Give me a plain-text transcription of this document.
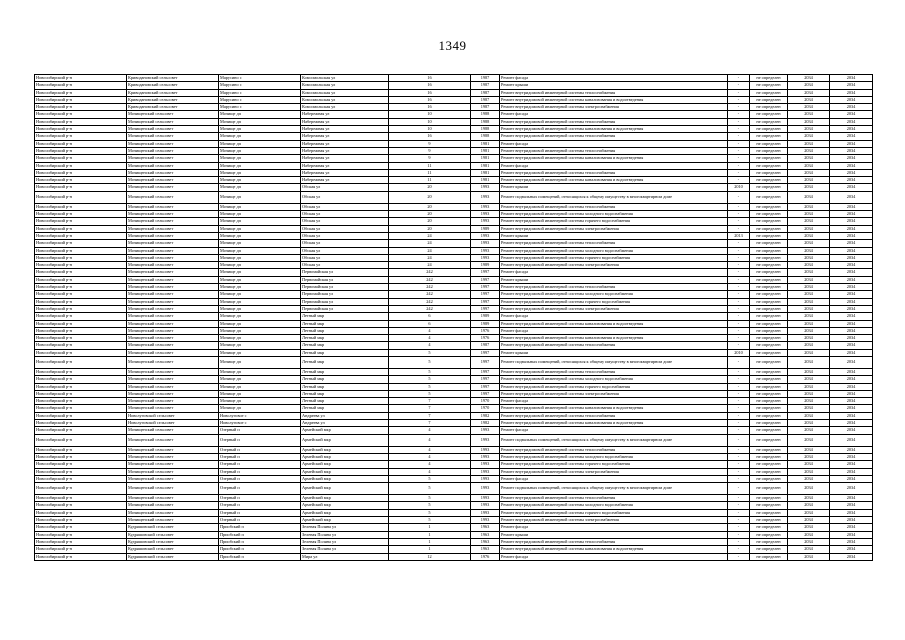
1349
Новосибирский р-н	Криводановский сельсовет	Марусино с	Комсомольская ул	16	1987	Ремонт фасада	-	не определен	2034	2034
Новосибирский р-н	Криводановский сельсовет	Марусино с	Комсомольская ул	16	1987	Ремонт крыши	-	не определен	2034	2034
Новосибирский р-н	Криводановский сельсовет	Марусино с	Комсомольская ул	16	1987	Ремонт внутридомовой инженерной системы теплоснабжения	-	не определен	2034	2034
Новосибирский р-н	Криводановский сельсовет	Марусино с	Комсомольская ул	16	1987	Ремонт внутридомовой инженерной системы канализования и водоотведения	-	не определен	2034	2034
Новосибирский р-н	Криводановский сельсовет	Марусино с	Комсомольская ул	16	1987	Ремонт внутридомовой инженерной системы электроснабжения	-	не определен	2034	2034
Новосибирский р-н	Мочищенский сельсовет	Мочище дп	Набережная ул	10	1988	Ремонт фасада	-	не определен	2034	2034
Новосибирский р-н	Мочищенский сельсовет	Мочище дп	Набережная ул	10	1988	Ремонт внутридомовой инженерной системы теплоснабжения	-	не определен	2034	2034
Новосибирский р-н	Мочищенский сельсовет	Мочище дп	Набережная ул	10	1988	Ремонт внутридомовой инженерной системы канализования и водоотведения	-	не определен	2034	2034
Новосибирский р-н	Мочищенский сельсовет	Мочище дп	Набережная ул	16	1988	Ремонт внутридомовой инженерной системы теплоснабжения	-	не определен	2034	2034
Новосибирский р-н	Мочищенский сельсовет	Мочище дп	Набережная ул	9	1981	Ремонт фасада	-	не определен	2034	2034
Новосибирский р-н	Мочищенский сельсовет	Мочище дп	Набережная ул	9	1981	Ремонт внутридомовой инженерной системы теплоснабжения	-	не определен	2034	2034
Новосибирский р-н	Мочищенский сельсовет	Мочище дп	Набережная ул	9	1981	Ремонт внутридомовой инженерной системы канализования и водоотведения	-	не определен	2034	2034
Новосибирский р-н	Мочищенский сельсовет	Мочище дп	Набережная ул	11	1981	Ремонт фасада	-	не определен	2034	2034
Новосибирский р-н	Мочищенский сельсовет	Мочище дп	Набережная ул	11	1981	Ремонт внутридомовой инженерной системы теплоснабжения	-	не определен	2034	2034
Новосибирский р-н	Мочищенский сельсовет	Мочище дп	Набережная ул	11	1981	Ремонт внутридомовой инженерной системы канализования и водоотведения	-	не определен	2034	2034
Новосибирский р-н	Мочищенский сельсовет	Мочище дп	Обская ул	20	1993	Ремонт крыши	2010	не определен	2034	2034
Новосибирский р-н	Мочищенский сельсовет	Мочище дп	Обская ул	20	1993	Ремонт подвальных помещений, относящихся к общему имуществу в многоквартирном доме	-	не определен	2034	2034
Новосибирский р-н	Мочищенский сельсовет	Мочище дп	Обская ул	20	1993	Ремонт внутридомовой инженерной системы теплоснабжения	-	не определен	2034	2034
Новосибирский р-н	Мочищенский сельсовет	Мочище дп	Обская ул	20	1993	Ремонт внутридомовой инженерной системы холодного водоснабжения	-	не определен	2034	2034
Новосибирский р-н	Мочищенский сельсовет	Мочище дп	Обская ул	20	1993	Ремонт внутридомовой инженерной системы горячего водоснабжения	-	не определен	2034	2034
Новосибирский р-н	Мочищенский сельсовет	Мочище дп	Обская ул	20	1989	Ремонт внутридомовой инженерной системы электроснабжения	-	не определен	2034	2034
Новосибирский р-н	Мочищенский сельсовет	Мочище дп	Обская ул	24	1993	Ремонт крыши	2013	не определен	2034	2034
Новосибирский р-н	Мочищенский сельсовет	Мочище дп	Обская ул	24	1993	Ремонт внутридомовой инженерной системы теплоснабжения	-	не определен	2034	2034
Новосибирский р-н	Мочищенский сельсовет	Мочище дп	Обская ул	24	1993	Ремонт внутридомовой инженерной системы холодного водоснабжения	-	не определен	2034	2034
Новосибирский р-н	Мочищенский сельсовет	Мочище дп	Обская ул	24	1993	Ремонт внутридомовой инженерной системы горячего водоснабжения	-	не определен	2034	2034
Новосибирский р-н	Мочищенский сельсовет	Мочище дп	Обская ул	24	1989	Ремонт внутридомовой инженерной системы электроснабжения	-	не определен	2034	2034
Новосибирский р-н	Мочищенский сельсовет	Мочище дп	Первомайская ул	242	1997	Ремонт фасада	-	не определен	2034	2034
Новосибирский р-н	Мочищенский сельсовет	Мочище дп	Первомайская ул	242	1997	Ремонт крыши	-	не определен	2034	2034
Новосибирский р-н	Мочищенский сельсовет	Мочище дп	Первомайская ул	242	1997	Ремонт внутридомовой инженерной системы теплоснабжения	-	не определен	2034	2034
Новосибирский р-н	Мочищенский сельсовет	Мочище дп	Первомайская ул	242	1997	Ремонт внутридомовой инженерной системы холодного водоснабжения	-	не определен	2034	2034
Новосибирский р-н	Мочищенский сельсовет	Мочище дп	Первомайская ул	242	1997	Ремонт внутридомовой инженерной системы горячего водоснабжения	-	не определен	2034	2034
Новосибирский р-н	Мочищенский сельсовет	Мочище дп	Первомайская ул	242	1997	Ремонт внутридомовой инженерной системы электроснабжения	-	не определен	2034	2034
Новосибирский р-н	Мочищенский сельсовет	Мочище дп	Летный мкр	6	1989	Ремонт фасада	-	не определен	2034	2034
Новосибирский р-н	Мочищенский сельсовет	Мочище дп	Летный мкр	6	1989	Ремонт внутридомовой инженерной системы канализования и водоотведения	-	не определен	2034	2034
Новосибирский р-н	Мочищенский сельсовет	Мочище дп	Летный мкр	4	1976	Ремонт фасада	-	не определен	2034	2034
Новосибирский р-н	Мочищенский сельсовет	Мочище дп	Летный мкр	4	1976	Ремонт внутридомовой инженерной системы канализования и водоотведения	-	не определен	2034	2034
Новосибирский р-н	Мочищенский сельсовет	Мочище дп	Летный мкр	4	1987	Ремонт внутридомовой инженерной системы теплоснабжения	-	не определен	2034	2034
Новосибирский р-н	Мочищенский сельсовет	Мочище дп	Летный мкр	5	1997	Ремонт крыши	2010	не определен	2034	2034
Новосибирский р-н	Мочищенский сельсовет	Мочище дп	Летный мкр	5	1997	Ремонт подвальных помещений, относящихся к общему имуществу в многоквартирном доме	-	не определен	2034	2034
Новосибирский р-н	Мочищенский сельсовет	Мочище дп	Летный мкр	5	1997	Ремонт внутридомовой инженерной системы теплоснабжения	-	не определен	2034	2034
Новосибирский р-н	Мочищенский сельсовет	Мочище дп	Летный мкр	5	1997	Ремонт внутридомовой инженерной системы холодного водоснабжения	-	не определен	2034	2034
Новосибирский р-н	Мочищенский сельсовет	Мочище дп	Летный мкр	5	1997	Ремонт внутридомовой инженерной системы горячего водоснабжения	-	не определен	2034	2034
Новосибирский р-н	Мочищенский сельсовет	Мочище дп	Летный мкр	5	1997	Ремонт внутридомовой инженерной системы электроснабжения	-	не определен	2034	2034
Новосибирский р-н	Мочищенский сельсовет	Мочище дп	Летный мкр	7	1970	Ремонт фасада	-	не определен	2034	2034
Новосибирский р-н	Мочищенский сельсовет	Мочище дп	Летный мкр	7	1970	Ремонт внутридомовой инженерной системы канализования и водоотведения	-	не определен	2034	2034
Новосибирский р-н	Новолуговской сельсовет	Новолуговое с	Андреева ул	7	1982	Ремонт внутридомовой инженерной системы теплоснабжения	-	не определен	2034	2034
Новосибирский р-н	Новолуговской сельсовет	Новолуговое с	Андреева ул	7	1982	Ремонт внутридомовой инженерной системы канализования и водоотведения	-	не определен	2034	2034
Новосибирский р-н	Мочищенский сельсовет	Озерный п	Армейский мкр	4	1993	Ремонт фасада	-	не определен	2034	2034
Новосибирский р-н	Мочищенский сельсовет	Озерный п	Армейский мкр	4	1993	Ремонт подвальных помещений, относящихся к общему имуществу в многоквартирном доме	-	не определен	2034	2034
Новосибирский р-н	Мочищенский сельсовет	Озерный п	Армейский мкр	4	1993	Ремонт внутридомовой инженерной системы теплоснабжения	-	не определен	2034	2034
Новосибирский р-н	Мочищенский сельсовет	Озерный п	Армейский мкр	4	1993	Ремонт внутридомовой инженерной системы холодного водоснабжения	-	не определен	2034	2034
Новосибирский р-н	Мочищенский сельсовет	Озерный п	Армейский мкр	4	1993	Ремонт внутридомовой инженерной системы горячего водоснабжения	-	не определен	2034	2034
Новосибирский р-н	Мочищенский сельсовет	Озерный п	Армейский мкр	4	1993	Ремонт внутридомовой инженерной системы электроснабжения	-	не определен	2034	2034
Новосибирский р-н	Мочищенский сельсовет	Озерный п	Армейский мкр	5	1993	Ремонт фасада	-	не определен	2034	2034
Новосибирский р-н	Мочищенский сельсовет	Озерный п	Армейский мкр	5	1993	Ремонт подвальных помещений, относящихся к общему имуществу в многоквартирном доме	-	не определен	2034	2034
Новосибирский р-н	Мочищенский сельсовет	Озерный п	Армейский мкр	5	1993	Ремонт внутридомовой инженерной системы теплоснабжения	-	не определен	2034	2034
Новосибирский р-н	Мочищенский сельсовет	Озерный п	Армейский мкр	5	1993	Ремонт внутридомовой инженерной системы холодного водоснабжения	-	не определен	2034	2034
Новосибирский р-н	Мочищенский сельсовет	Озерный п	Армейский мкр	5	1993	Ремонт внутридомовой инженерной системы горячего водоснабжения	-	не определен	2034	2034
Новосибирский р-н	Мочищенский сельсовет	Озерный п	Армейский мкр	5	1993	Ремонт внутридомовой инженерной системы электроснабжения	-	не определен	2034	2034
Новосибирский р-н	Кудряшовский сельсовет	Приобский п	Зеленая Поляна ул	1	1963	Ремонт фасада	-	не определен	2034	2034
Новосибирский р-н	Кудряшовский сельсовет	Приобский п	Зеленая Поляна ул	1	1963	Ремонт крыши	-	не определен	2034	2034
Новосибирский р-н	Кудряшовский сельсовет	Приобский п	Зеленая Поляна ул	1	1963	Ремонт внутридомовой инженерной системы теплоснабжения	-	не определен	2034	2034
Новосибирский р-н	Кудряшовский сельсовет	Приобский п	Зеленая Поляна ул	1	1963	Ремонт внутридомовой инженерной системы канализования и водоотведения	-	не определен	2034	2034
Новосибирский р-н	Кудряшовский сельсовет	Приобский п	Мира ул	12	1976	Ремонт фасада	-	не определен	2034	2034
